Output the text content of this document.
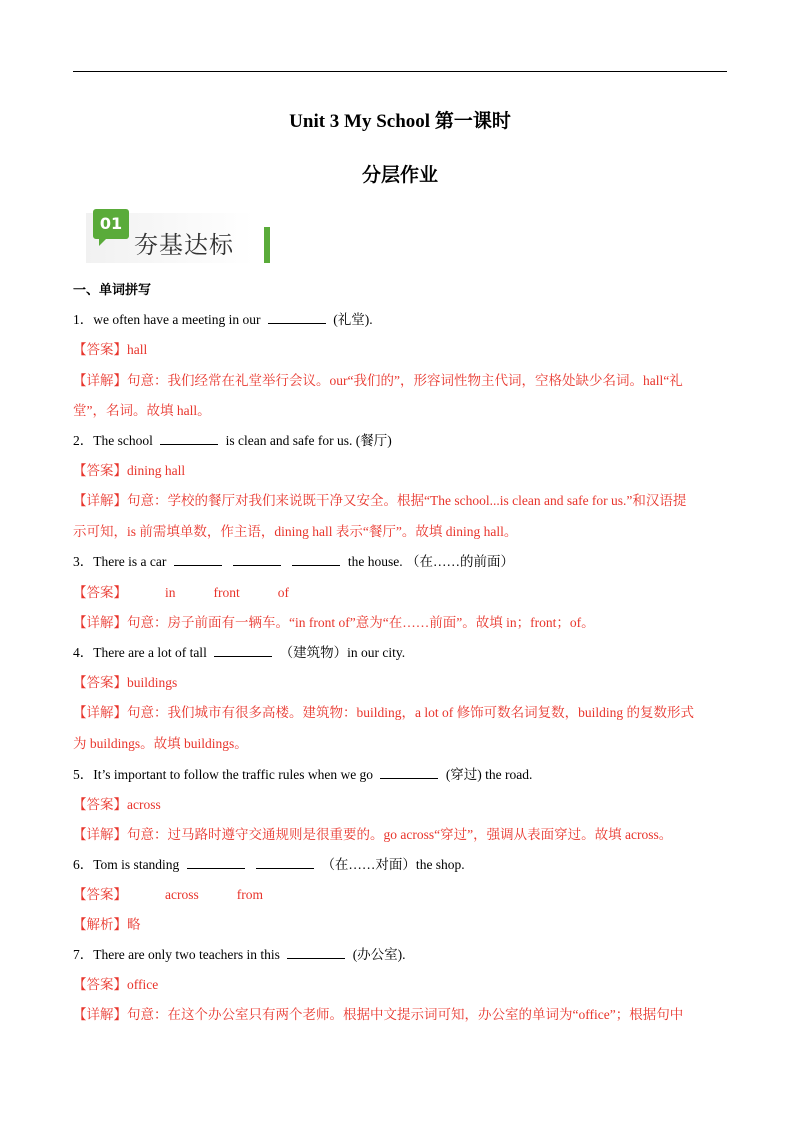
Unit 3 My School 第一课时
分层作业
01
夯基达标
一、单词拼写
1．we often have a meeting in our	(礼堂).
【答案】hall
【详解】句意：我们经常在礼堂举行会议。our“我们的”，形容词性物主代词，空格处缺少名词。hall“礼
堂”，名词。故填 hall。
2．The school	is clean and safe for us. (餐厅)
【答案】dining hall
【详解】句意：学校的餐厅对我们来说既干净又安全。根据“The school...is clean and safe for us.”和汉语提
示可知，is 前需填单数，作主语，dining hall 表示“餐厅”。故填 dining hall。
3．There is a car	the house. （在……的前面）
【答案】	in	front	of
【详解】句意：房子前面有一辆车。“in front of”意为“在……前面”。故填 in；front；of。
4．There are a lot of tall	（建筑物）in our city.
【答案】buildings
【详解】句意：我们城市有很多高楼。建筑物：building，a lot of 修饰可数名词复数，building 的复数形式
为 buildings。故填 buildings。
5．It’s important to follow the traffic rules when we go	(穿过) the road.
【答案】across
【详解】句意：过马路时遵守交通规则是很重要的。go across“穿过”，强调从表面穿过。故填 across。
6．Tom is standing	（在……对面）the shop.
【答案】	across	from
【解析】略
7．There are only two teachers in this	(办公室).
【答案】office
【详解】句意：在这个办公室只有两个老师。根据中文提示词可知，办公室的单词为“office”；根据句中
